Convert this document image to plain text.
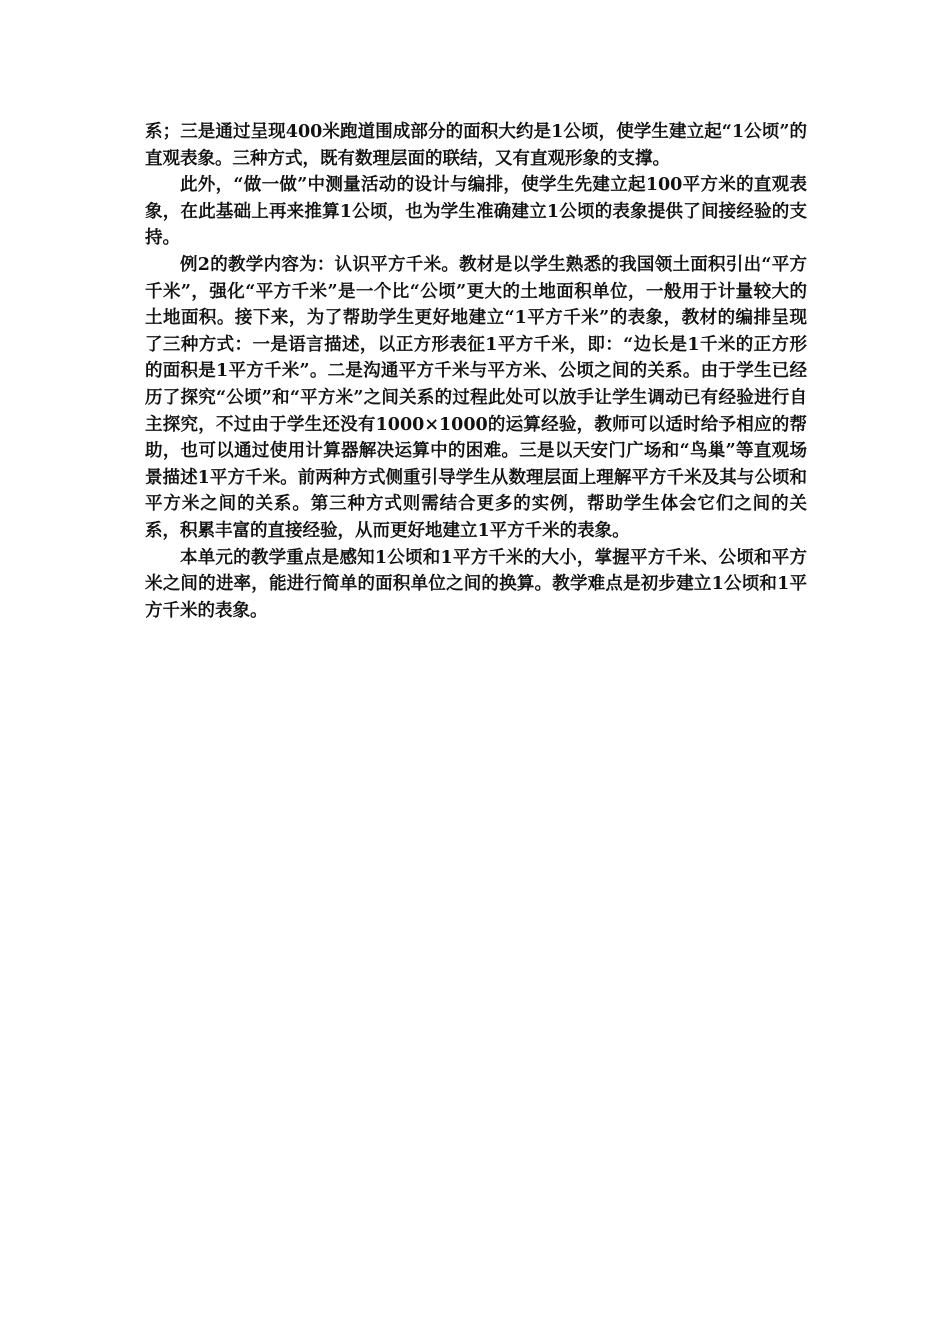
系；三是通过呈现400米跑道围成部分的面积大约是1公顷，使学生建立起“1公顷”的直观表象。三种方式，既有数理层面的联结，又有直观形象的支撑。

此外，“做一做”中测量活动的设计与编排，使学生先建立起100平方米的直观表象，在此基础上再来推算1公顷，也为学生准确建立1公顷的表象提供了间接经验的支持。

例2的教学内容为：认识平方千米。教材是以学生熟悉的我国领土面积引出“平方千米”，强化“平方千米”是一个比“公顷”更大的土地面积单位，一般用于计量较大的土地面积。接下来，为了帮助学生更好地建立“1平方千米”的表象，教材的编排呈现了三种方式：一是语言描述，以正方形表征1平方千米，即：“边长是1千米的正方形的面积是1平方千米”。二是沟通平方千米与平方米、公顷之间的关系。由于学生已经历了探究“公顷”和“平方米”之间关系的过程此处可以放手让学生调动已有经验进行自主探究，不过由于学生还没有1000×1000的运算经验，教师可以适时给予相应的帮助，也可以通过使用计算器解决运算中的困难。三是以天安门广场和“鸟巢”等直观场景描述1平方千米。前两种方式侧重引导学生从数理层面上理解平方千米及其与公顷和平方米之间的关系。第三种方式则需结合更多的实例，帮助学生体会它们之间的关系，积累丰富的直接经验，从而更好地建立1平方千米的表象。

本单元的教学重点是感知1公顷和1平方千米的大小，掌握平方千米、公顷和平方米之间的进率，能进行简单的面积单位之间的换算。教学难点是初步建立1公顷和1平方千米的表象。
